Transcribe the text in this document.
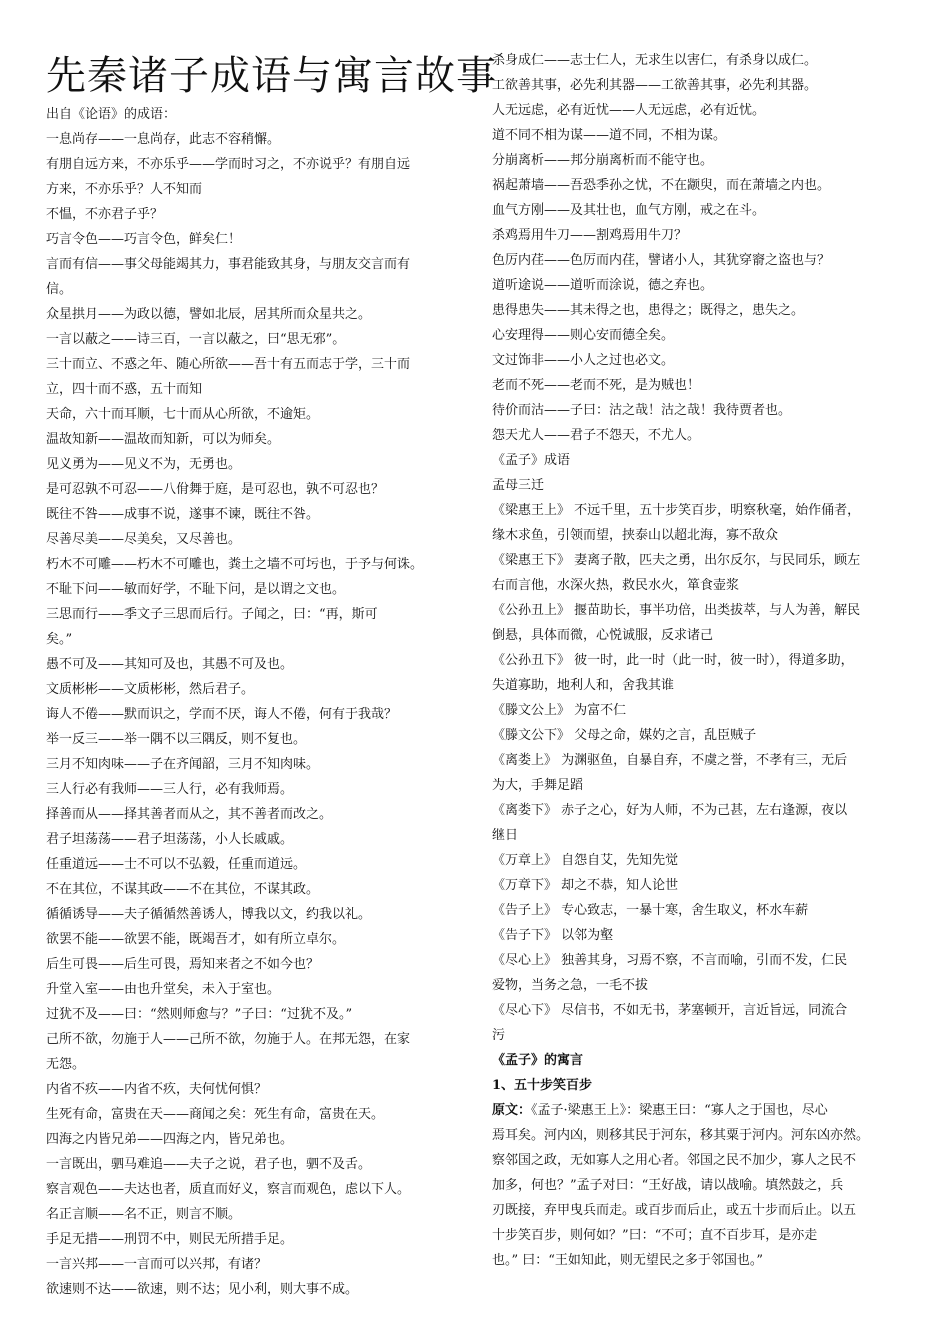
先秦诸子成语与寓言故事
出自《论语》的成语：
一息尚存——一息尚存，此志不容稍懈。
有朋自远方来，不亦乐乎——学而时习之，不亦说乎？有朋自远
方来，不亦乐乎？人不知而
不愠，不亦君子乎？
巧言令色——巧言令色，鲜矣仁！
言而有信——事父母能竭其力，事君能致其身，与朋友交言而有
信。
众星拱月——为政以德，譬如北辰，居其所而众星共之。
一言以蔽之——诗三百，一言以蔽之，曰“思无邪”。
三十而立、不惑之年、随心所欲——吾十有五而志于学，三十而
立，四十而不惑，五十而知
天命，六十而耳顺，七十而从心所欲，不逾矩。
温故知新——温故而知新，可以为师矣。
见义勇为——见义不为，无勇也。
是可忍孰不可忍——八佾舞于庭，是可忍也，孰不可忍也？
既往不咎——成事不说，遂事不谏，既往不咎。
尽善尽美——尽美矣，又尽善也。
朽木不可雕——朽木不可雕也，粪土之墙不可圬也，于予与何诛。
不耻下问——敏而好学，不耻下问，是以谓之文也。
三思而行——季文子三思而后行。子闻之，曰：“再，斯可
矣。”
愚不可及——其知可及也，其愚不可及也。
文质彬彬——文质彬彬，然后君子。
诲人不倦——默而识之，学而不厌，诲人不倦，何有于我哉？
举一反三——举一隅不以三隅反，则不复也。
三月不知肉味——子在齐闻韶，三月不知肉味。
三人行必有我师——三人行，必有我师焉。
择善而从——择其善者而从之，其不善者而改之。
君子坦荡荡——君子坦荡荡，小人长戚戚。
任重道远——士不可以不弘毅，任重而道远。
不在其位，不谋其政——不在其位，不谋其政。
循循诱导——夫子循循然善诱人，博我以文，约我以礼。
欲罢不能——欲罢不能，既竭吾才，如有所立卓尔。
后生可畏——后生可畏，焉知来者之不如今也？
升堂入室——由也升堂矣，未入于室也。
过犹不及——曰：“然则师愈与？”子曰：“过犹不及。”
己所不欲，勿施于人——己所不欲，勿施于人。在邦无怨，在家
无怨。
内省不疚——内省不疚，夫何忧何惧？
生死有命，富贵在天——商闻之矣：死生有命，富贵在天。
四海之内皆兄弟——四海之内，皆兄弟也。
一言既出，驷马难追——夫子之说，君子也，驷不及舌。
察言观色——夫达也者，质直而好义，察言而观色，虑以下人。
名正言顺——名不正，则言不顺。
手足无措——刑罚不中，则民无所措手足。
一言兴邦——一言而可以兴邦，有诸？
欲速则不达——欲速，则不达；见小利，则大事不成。
杀身成仁——志士仁人，无求生以害仁，有杀身以成仁。
工欲善其事，必先利其器——工欲善其事，必先利其器。
人无远虑，必有近忧——人无远虑，必有近忧。
道不同不相为谋——道不同，不相为谋。
分崩离析——邦分崩离析而不能守也。
祸起萧墙——吾恐季孙之忧，不在颛臾，而在萧墙之内也。
血气方刚——及其壮也，血气方刚，戒之在斗。
杀鸡焉用牛刀——割鸡焉用牛刀？
色厉内荏——色厉而内荏，譬诸小人，其犹穿窬之盗也与？
道听途说——道听而涂说，德之弃也。
患得患失——其未得之也，患得之；既得之，患失之。
心安理得——则心安而德全矣。
文过饰非——小人之过也必文。
老而不死——老而不死，是为贼也！
待价而沽——子曰：沽之哉！沽之哉！我待贾者也。
怨天尤人——君子不怨天，不尤人。
《孟子》成语
孟母三迁
《梁惠王上》 不远千里，五十步笑百步，明察秋毫，始作俑者，
缘木求鱼，引领而望，挟泰山以超北海，寡不敌众
《梁惠王下》 妻离子散，匹夫之勇，出尔反尔，与民同乐，顾左
右而言他，水深火热，救民水火，箪食壶浆
《公孙丑上》 揠苗助长，事半功倍，出类拔萃，与人为善，解民
倒悬，具体而微，心悦诚服，反求诸己
《公孙丑下》 彼一时，此一时（此一时，彼一时），得道多助，
失道寡助，地利人和，舍我其谁
《滕文公上》 为富不仁
《滕文公下》 父母之命，媒妁之言，乱臣贼子
《离娄上》 为渊驱鱼，自暴自弃，不虞之誉，不孝有三，无后
为大，手舞足蹈
《离娄下》 赤子之心，好为人师，不为己甚，左右逢源，夜以
继日
《万章上》 自怨自艾，先知先觉
《万章下》 却之不恭，知人论世
《告子上》 专心致志，一暴十寒，舍生取义，杯水车薪
《告子下》 以邻为壑
《尽心上》 独善其身，习焉不察，不言而喻，引而不发，仁民
爱物，当务之急，一毛不拔
《尽心下》 尽信书，不如无书，茅塞顿开，言近旨远，同流合
污
《孟子》的寓言
1、五十步笑百步
原文：《孟子·梁惠王上》：梁惠王曰：“寡人之于国也，尽心
焉耳矣。河内凶，则移其民于河东，移其粟于河内。河东凶亦然。
察邻国之政，无如寡人之用心者。邻国之民不加少，寡人之民不
加多，何也？”孟子对曰：“王好战，请以战喻。填然鼓之，兵
刃既接，弃甲曳兵而走。或百步而后止，或五十步而后止。以五
十步笑百步，则何如？”曰：“不可；直不百步耳，是亦走
也。” 曰：“王如知此，则无望民之多于邻国也。”
